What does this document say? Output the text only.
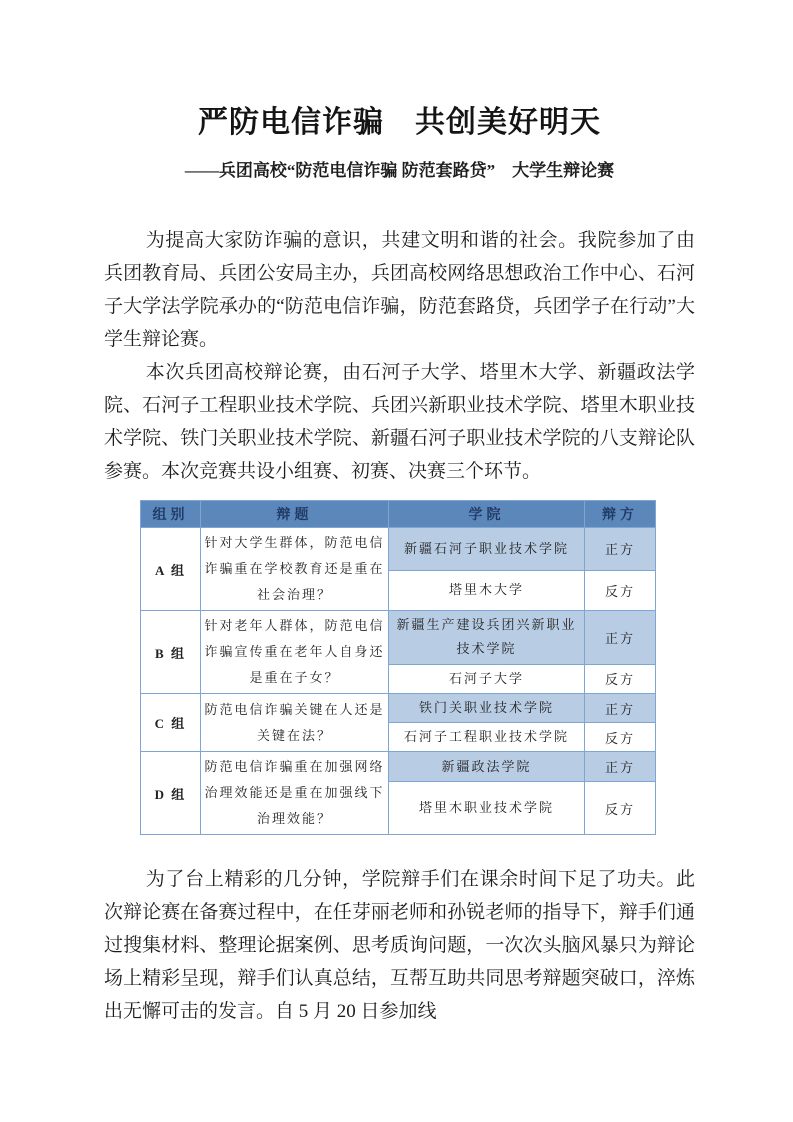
严防电信诈骗　共创美好明天
——兵团高校“防范电信诈骗 防范套路贷”　大学生辩论赛

为提高大家防诈骗的意识，共建文明和谐的社会。我院参加了由兵团教育局、兵团公安局主办，兵团高校网络思想政治工作中心、石河子大学法学院承办的“防范电信诈骗，防范套路贷，兵团学子在行动”大学生辩论赛。

本次兵团高校辩论赛，由石河子大学、塔里木大学、新疆政法学院、石河子工程职业技术学院、兵团兴新职业技术学院、塔里木职业技术学院、铁门关职业技术学院、新疆石河子职业技术学院的八支辩论队参赛。本次竞赛共设小组赛、初赛、决赛三个环节。

组别	辩题	学院	辩方
A 组	针对大学生群体，防范电信诈骗重在学校教育还是重在社会治理？	新疆石河子职业技术学院	正方
		塔里木大学	反方
B 组	针对老年人群体，防范电信诈骗宣传重在老年人自身还是重在子女？	新疆生产建设兵团兴新职业技术学院	正方
		石河子大学	反方
C 组	防范电信诈骗关键在人还是关键在法？	铁门关职业技术学院	正方
		石河子工程职业技术学院	反方
D 组	防范电信诈骗重在加强网络治理效能还是重在加强线下治理效能？	新疆政法学院	正方
		塔里木职业技术学院	反方

为了台上精彩的几分钟，学院辩手们在课余时间下足了功夫。此次辩论赛在备赛过程中，在任芽丽老师和孙锐老师的指导下，辩手们通过搜集材料、整理论据案例、思考质询问题，一次次头脑风暴只为辩论场上精彩呈现，辩手们认真总结，互帮互助共同思考辩题突破口，淬炼出无懈可击的发言。自 5 月 20 日参加线
